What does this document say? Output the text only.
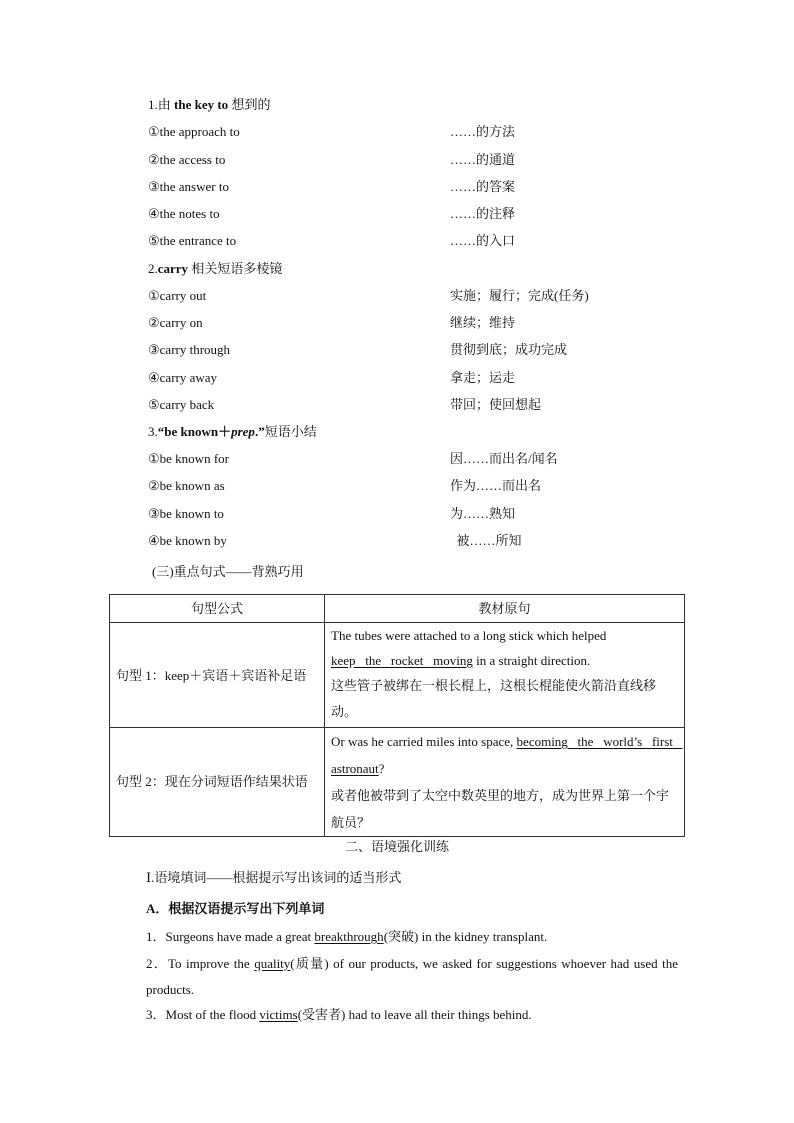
1.由 the key to 想到的
①the approach to	……的方法
②the access to	……的通道
③the answer to	……的答案
④the notes to	……的注释
⑤the entrance to	……的入口
2.carry 相关短语多棱镜
①carry out	实施；履行；完成(任务)
②carry on	继续；维持
③carry through	贯彻到底；成功完成
④carry away	拿走；运走
⑤carry back	带回；使回想起
3.“be known＋prep.”短语小结
①be known for	因……而出名/闻名
②be known as	作为……而出名
③be known to	为……熟知
④be known by	被……所知
(三)重点句式——背熟巧用
句型公式	教材原句
句型 1：keep＋宾语＋宾语补足语	The tubes were attached to a long stick which helped
keep   the   rocket   moving in a straight direction.
这些管子被绑在一根长棍上，这根长棍能使火箭沿直线移动。

句型 2：现在分词短语作结果状语	Or was he carried miles into space, becoming   the   world’s   first   astronaut?
或者他被带到了太空中数英里的地方，成为世界上第一个宇航员？
二、语境强化训练
Ⅰ.语境填词——根据提示写出该词的适当形式
A．根据汉语提示写出下列单词
1．Surgeons have made a great breakthrough(突破) in the kidney transplant.
2．To improve the quality(质量) of our products, we asked for suggestions whoever had used the products.
3．Most of the flood victims(受害者) had to leave all their things behind.
